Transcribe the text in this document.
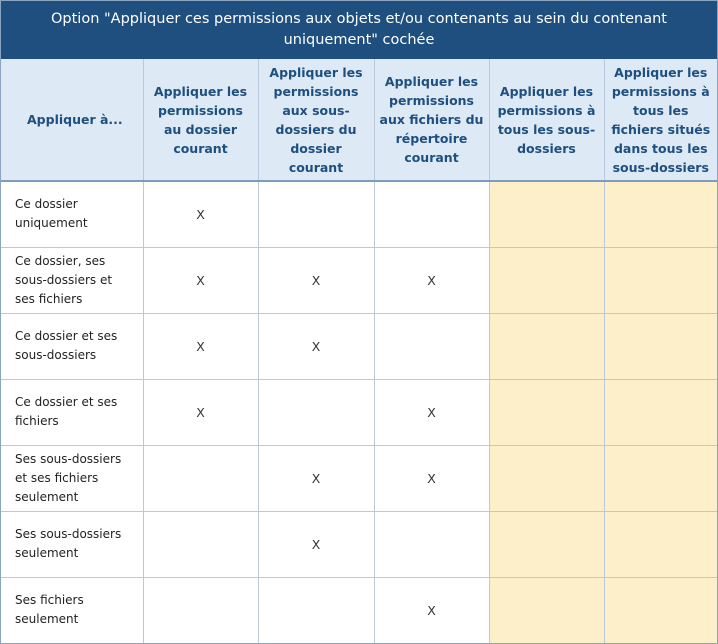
Option "Appliquer ces permissions aux objets et/ou contenants au sein du contenant uniquement" cochée
Appliquer à...	Appliquer les permissions au dossier courant	Appliquer les permissions aux sous-dossiers du dossier courant	Appliquer les permissions aux fichiers du répertoire courant	Appliquer les permissions à tous les sous-dossiers	Appliquer les permissions à tous les fichiers situés dans tous les sous-dossiers
Ce dossier uniquement	X				
Ce dossier, ses sous-dossiers et ses fichiers	X	X	X		
Ce dossier et ses sous-dossiers	X	X			
Ce dossier et ses fichiers	X		X		
Ses sous-dossiers et ses fichiers seulement		X	X		
Ses sous-dossiers seulement		X			
Ses fichiers seulement			X		
